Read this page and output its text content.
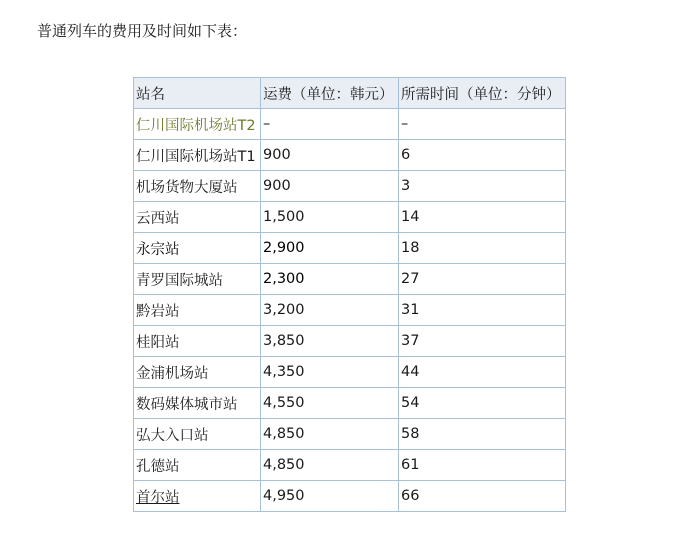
普通列车的费用及时间如下表：
站名	运费（单位：韩元）	所需时间（单位：分钟）
仁川国际机场站T2	–	–
仁川国际机场站T1	900	6
机场货物大厦站	900	3
云西站	1,500	14
永宗站	2,900	18
青罗国际城站	2,300	27
黔岩站	3,200	31
桂阳站	3,850	37
金浦机场站	4,350	44
数码媒体城市站	4,550	54
弘大入口站	4,850	58
孔德站	4,850	61
首尔站	4,950	66
